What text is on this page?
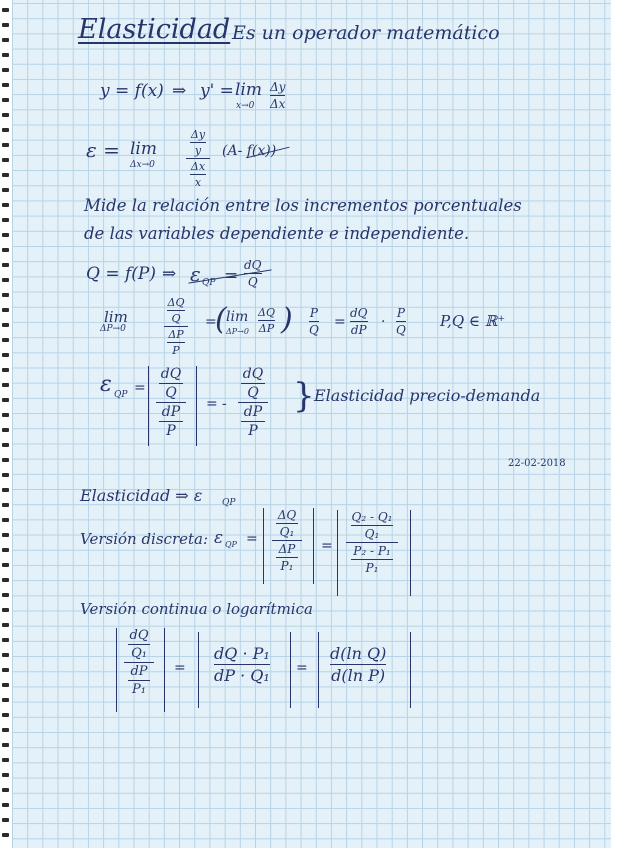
Elasticidad Es un operador matemático
y = f(x) ⇒ y' = lim
x→0
Δy
Δx
ε = lim
Δx→0
Δy
y
Δx
x
(A- f(x))
Mide la relación entre los incrementos porcentuales
de las variables dependiente e independiente.
Q = f(P) ⇒ ε QP =
dQ
Q
lim
ΔP→0
ΔQ
Q
ΔP
P
=
( lim
ΔP→0
ΔQ
ΔP ) P
Q =
dQ
dP ·
P
Q P,Q ∈ ℝ⁺
ε QP =
dQ
Q
dP
P
= -
dQ
Q
dP
P
} Elasticidad precio-demanda
22-02-2018
Elasticidad ⇒ ε QP
Versión discreta: ε QP =
ΔQ
Q₁
ΔP
P₁
=
Q₂ - Q₁
Q₁
P₂ - P₁
P₁
Versión continua o logarítmica
dQ
Q₁
dP
P₁
=
dQ · P₁
dP · Q₁ =
d(ln Q)
d(ln P)
